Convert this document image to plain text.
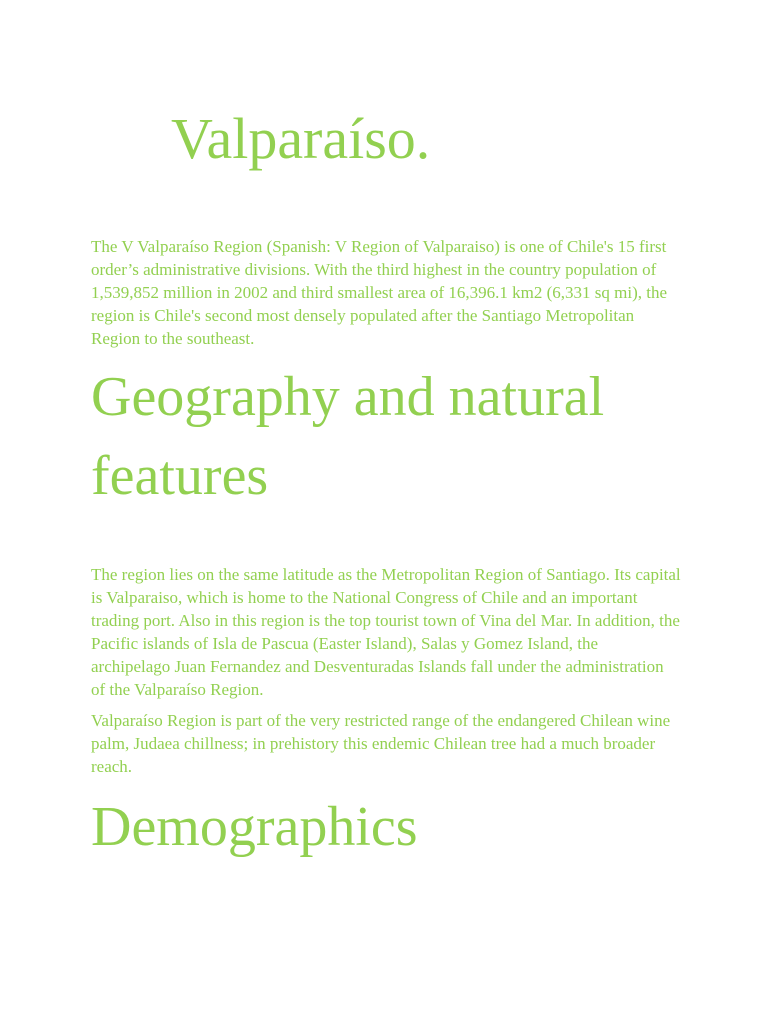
Valparaíso.

The V Valparaíso Region (Spanish: V Region of Valparaiso) is one of Chile's 15 first order’s administrative divisions. With the third highest in the country population of 1,539,852 million in 2002 and third smallest area of 16,396.1 km2 (6,331 sq mi), the region is Chile's second most densely populated after the Santiago Metropolitan Region to the southeast.

Geography and natural features

The region lies on the same latitude as the Metropolitan Region of Santiago. Its capital is Valparaiso, which is home to the National Congress of Chile and an important trading port. Also in this region is the top tourist town of Vina del Mar. In addition, the Pacific islands of Isla de Pascua (Easter Island), Salas y Gomez Island, the archipelago Juan Fernandez and Desventuradas Islands fall under the administration of the Valparaíso Region.

Valparaíso Region is part of the very restricted range of the endangered Chilean wine palm, Judaea chillness; in prehistory this endemic Chilean tree had a much broader reach.

Demographics
